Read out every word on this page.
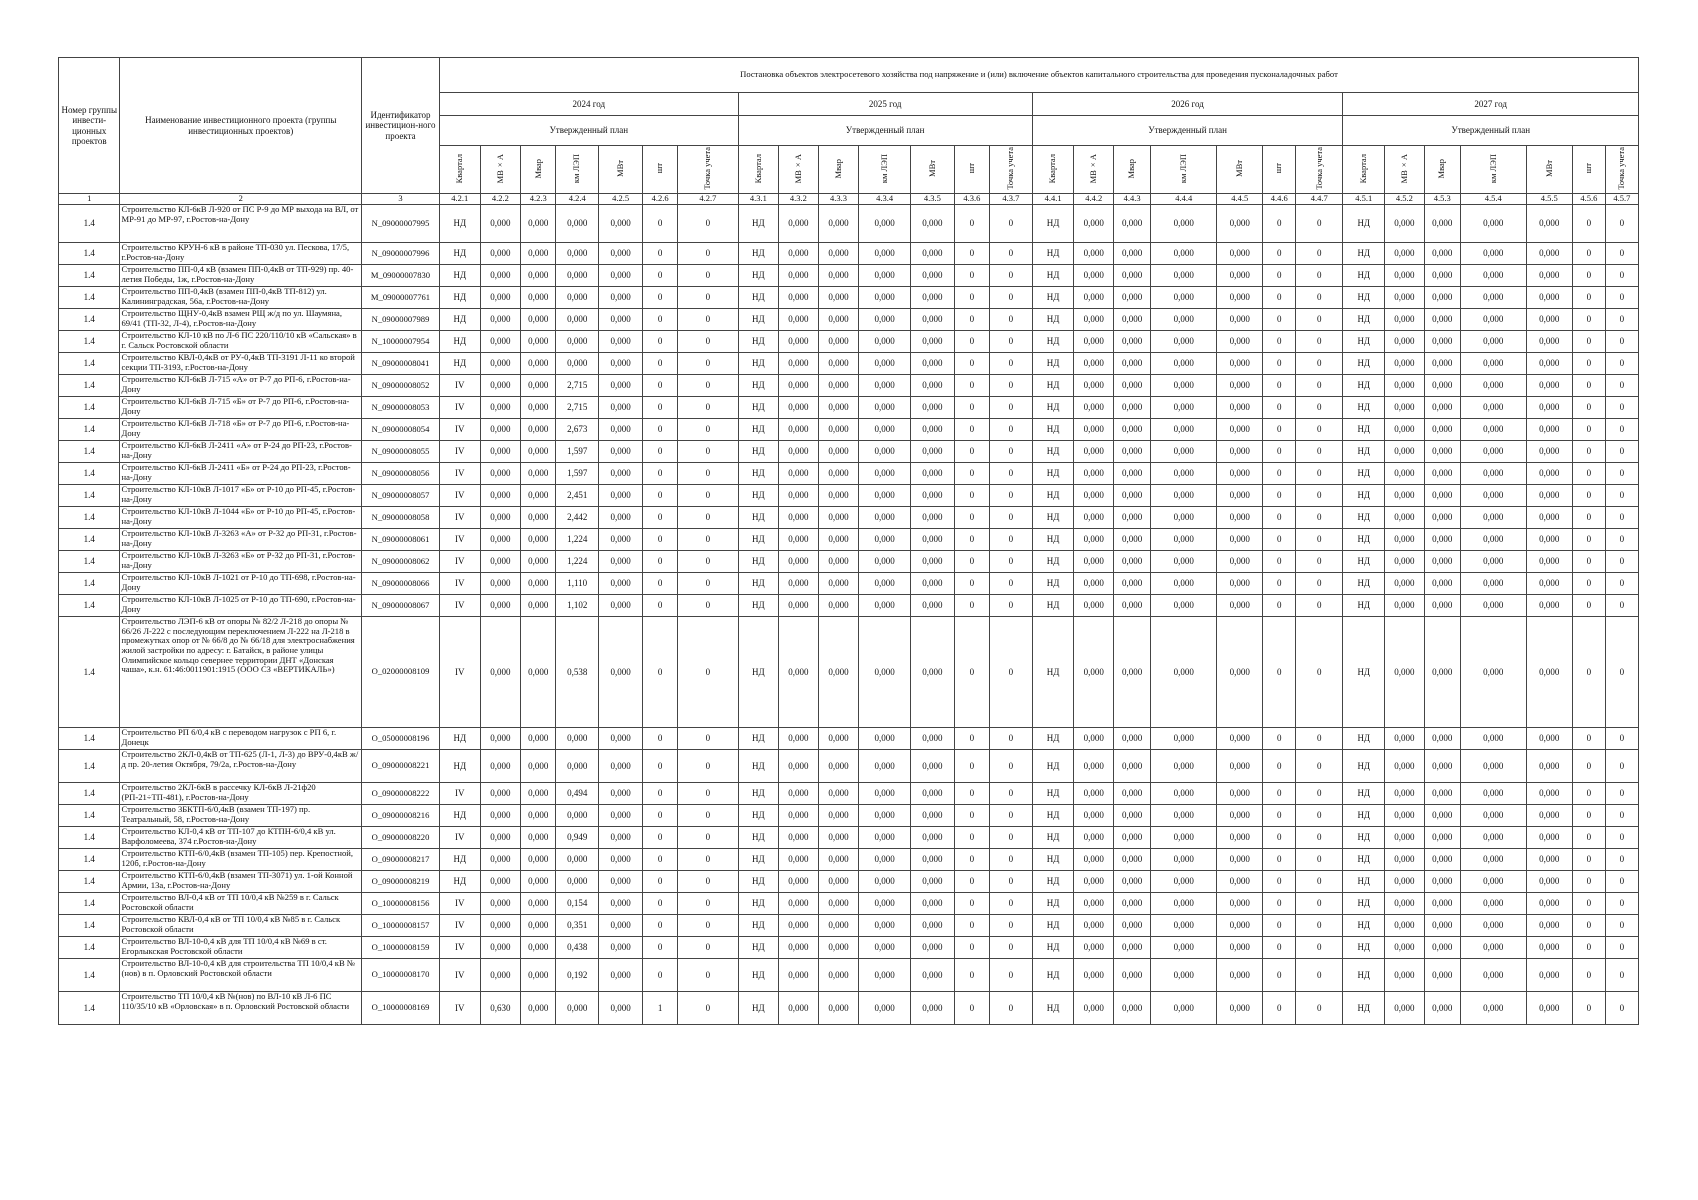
Номер группы инвести-ционных проектов	Наименование инвестиционного проекта (группы инвестиционных проектов)	Идентификатор инвестицион-ного проекта	Постановка объектов электросетевого хозяйства под напряжение и (или) включение объектов капитального строительства для проведения пусконаладочных работ																											
			2024 год							2025 год							2026 год							2027 год						
			Утвержденный план							Утвержденный план							Утвержденный план							Утвержденный план						
			Квартал	МВ×А	Мвар	км ЛЭП	МВт	шт	Точка учета	Квартал	МВ×А	Мвар	км ЛЭП	МВт	шт	Точка учета	Квартал	МВ×А	Мвар	км ЛЭП	МВт	шт	Точка учета	Квартал	МВ×А	Мвар	км ЛЭП	МВт	шт	Точка учета
1	2	3	4.2.1	4.2.2	4.2.3	4.2.4	4.2.5	4.2.6	4.2.7	4.3.1	4.3.2	4.3.3	4.3.4	4.3.5	4.3.6	4.3.7	4.4.1	4.4.2	4.4.3	4.4.4	4.4.5	4.4.6	4.4.7	4.5.1	4.5.2	4.5.3	4.5.4	4.5.5	4.5.6	4.5.7
1.4	Строительство КЛ-6кВ Л-920 от ПС Р-9 до МР выхода на ВЛ, от МР-91 до МР-97, г.Ростов-на-Дону	N_09000007995	НД	0,000	0,000	0,000	0,000	0	0	НД	0,000	0,000	0,000	0,000	0	0	НД	0,000	0,000	0,000	0,000	0	0	НД	0,000	0,000	0,000	0,000	0	0
1.4	Строительство КРУН-6 кВ в районе ТП-030 ул. Пескова, 17/5, г.Ростов-на-Дону	N_09000007996	НД	0,000	0,000	0,000	0,000	0	0	НД	0,000	0,000	0,000	0,000	0	0	НД	0,000	0,000	0,000	0,000	0	0	НД	0,000	0,000	0,000	0,000	0	0
1.4	Строительство ПП-0,4 кВ (взамен ПП-0,4кВ от ТП-929) пр. 40-летия Победы, 1ж, г.Ростов-на-Дону	M_09000007830	НД	0,000	0,000	0,000	0,000	0	0	НД	0,000	0,000	0,000	0,000	0	0	НД	0,000	0,000	0,000	0,000	0	0	НД	0,000	0,000	0,000	0,000	0	0
1.4	Строительство ПП-0,4кВ (взамен ПП-0,4кВ ТП-812) ул. Калининградская, 56а, г.Ростов-на-Дону	M_09000007761	НД	0,000	0,000	0,000	0,000	0	0	НД	0,000	0,000	0,000	0,000	0	0	НД	0,000	0,000	0,000	0,000	0	0	НД	0,000	0,000	0,000	0,000	0	0
1.4	Строительство ЩНУ-0,4кВ взамен РЩ ж/д по ул. Шаумяна, 69/41 (ТП-32, Л-4), г.Ростов-на-Дону	N_09000007989	НД	0,000	0,000	0,000	0,000	0	0	НД	0,000	0,000	0,000	0,000	0	0	НД	0,000	0,000	0,000	0,000	0	0	НД	0,000	0,000	0,000	0,000	0	0
1.4	Строительство КЛ-10 кВ по Л-6 ПС 220/110/10 кВ «Сальская» в г. Сальск Ростовской области	N_10000007954	НД	0,000	0,000	0,000	0,000	0	0	НД	0,000	0,000	0,000	0,000	0	0	НД	0,000	0,000	0,000	0,000	0	0	НД	0,000	0,000	0,000	0,000	0	0
1.4	Строительство КВЛ-0,4кВ от РУ-0,4кВ ТП-3191 Л-11 ко второй секции ТП-3193, г.Ростов-на-Дону	N_09000008041	НД	0,000	0,000	0,000	0,000	0	0	НД	0,000	0,000	0,000	0,000	0	0	НД	0,000	0,000	0,000	0,000	0	0	НД	0,000	0,000	0,000	0,000	0	0
1.4	Строительство КЛ-6кВ Л-715 «А» от Р-7 до РП-6, г.Ростов-на-Дону	N_09000008052	IV	0,000	0,000	2,715	0,000	0	0	НД	0,000	0,000	0,000	0,000	0	0	НД	0,000	0,000	0,000	0,000	0	0	НД	0,000	0,000	0,000	0,000	0	0
1.4	Строительство КЛ-6кВ Л-715 «Б» от Р-7 до РП-6, г.Ростов-на-Дону	N_09000008053	IV	0,000	0,000	2,715	0,000	0	0	НД	0,000	0,000	0,000	0,000	0	0	НД	0,000	0,000	0,000	0,000	0	0	НД	0,000	0,000	0,000	0,000	0	0
1.4	Строительство КЛ-6кВ Л-718 «Б» от Р-7 до РП-6, г.Ростов-на-Дону	N_09000008054	IV	0,000	0,000	2,673	0,000	0	0	НД	0,000	0,000	0,000	0,000	0	0	НД	0,000	0,000	0,000	0,000	0	0	НД	0,000	0,000	0,000	0,000	0	0
1.4	Строительство КЛ-6кВ Л-2411 «А» от Р-24 до РП-23, г.Ростов-на-Дону	N_09000008055	IV	0,000	0,000	1,597	0,000	0	0	НД	0,000	0,000	0,000	0,000	0	0	НД	0,000	0,000	0,000	0,000	0	0	НД	0,000	0,000	0,000	0,000	0	0
1.4	Строительство КЛ-6кВ Л-2411 «Б» от Р-24 до РП-23, г.Ростов-на-Дону	N_09000008056	IV	0,000	0,000	1,597	0,000	0	0	НД	0,000	0,000	0,000	0,000	0	0	НД	0,000	0,000	0,000	0,000	0	0	НД	0,000	0,000	0,000	0,000	0	0
1.4	Строительство КЛ-10кВ Л-1017 «Б» от Р-10 до РП-45, г.Ростов-на-Дону	N_09000008057	IV	0,000	0,000	2,451	0,000	0	0	НД	0,000	0,000	0,000	0,000	0	0	НД	0,000	0,000	0,000	0,000	0	0	НД	0,000	0,000	0,000	0,000	0	0
1.4	Строительство КЛ-10кВ Л-1044 «Б» от Р-10 до РП-45, г.Ростов-на-Дону	N_09000008058	IV	0,000	0,000	2,442	0,000	0	0	НД	0,000	0,000	0,000	0,000	0	0	НД	0,000	0,000	0,000	0,000	0	0	НД	0,000	0,000	0,000	0,000	0	0
1.4	Строительство КЛ-10кВ Л-3263 «А» от Р-32 до РП-31, г.Ростов-на-Дону	N_09000008061	IV	0,000	0,000	1,224	0,000	0	0	НД	0,000	0,000	0,000	0,000	0	0	НД	0,000	0,000	0,000	0,000	0	0	НД	0,000	0,000	0,000	0,000	0	0
1.4	Строительство КЛ-10кВ Л-3263 «Б» от Р-32 до РП-31, г.Ростов-на-Дону	N_09000008062	IV	0,000	0,000	1,224	0,000	0	0	НД	0,000	0,000	0,000	0,000	0	0	НД	0,000	0,000	0,000	0,000	0	0	НД	0,000	0,000	0,000	0,000	0	0
1.4	Строительство КЛ-10кВ Л-1021 от Р-10 до ТП-698, г.Ростов-на-Дону	N_09000008066	IV	0,000	0,000	1,110	0,000	0	0	НД	0,000	0,000	0,000	0,000	0	0	НД	0,000	0,000	0,000	0,000	0	0	НД	0,000	0,000	0,000	0,000	0	0
1.4	Строительство КЛ-10кВ Л-1025 от Р-10 до ТП-690, г.Ростов-на-Дону	N_09000008067	IV	0,000	0,000	1,102	0,000	0	0	НД	0,000	0,000	0,000	0,000	0	0	НД	0,000	0,000	0,000	0,000	0	0	НД	0,000	0,000	0,000	0,000	0	0
1.4	Строительство ЛЭП-6 кВ от опоры № 82/2 Л-218 до опоры № 66/26 Л-222 с последующим переключением Л-222 на Л-218 в промежутках опор от № 66/8 до № 66/18 для электроснабжения жилой застройки по адресу: г. Батайск, в районе улицы Олимпийское кольцо севернее территории ДНТ «Донская чаша», к.н. 61:46:0011901:1915 (ООО СЗ «ВЕРТИКАЛЬ»)	O_02000008109	IV	0,000	0,000	0,538	0,000	0	0	НД	0,000	0,000	0,000	0,000	0	0	НД	0,000	0,000	0,000	0,000	0	0	НД	0,000	0,000	0,000	0,000	0	0
1.4	Строительство РП 6/0,4 кВ с переводом нагрузок с РП 6, г. Донецк	O_05000008196	НД	0,000	0,000	0,000	0,000	0	0	НД	0,000	0,000	0,000	0,000	0	0	НД	0,000	0,000	0,000	0,000	0	0	НД	0,000	0,000	0,000	0,000	0	0
1.4	Строительство 2КЛ-0,4кВ от ТП-625 (Л-1, Л-3) до ВРУ-0,4кВ ж/д пр. 20-летия Октября, 79/2а, г.Ростов-на-Дону	O_09000008221	НД	0,000	0,000	0,000	0,000	0	0	НД	0,000	0,000	0,000	0,000	0	0	НД	0,000	0,000	0,000	0,000	0	0	НД	0,000	0,000	0,000	0,000	0	0
1.4	Строительство 2КЛ-6кВ в рассечку КЛ-6кВ Л-21ф20 (РП-21÷ТП-481), г.Ростов-на-Дону	O_09000008222	IV	0,000	0,000	0,494	0,000	0	0	НД	0,000	0,000	0,000	0,000	0	0	НД	0,000	0,000	0,000	0,000	0	0	НД	0,000	0,000	0,000	0,000	0	0
1.4	Строительство 3БКТП-6/0,4кВ (взамен ТП-197) пр. Театральный, 58, г.Ростов-на-Дону	O_09000008216	НД	0,000	0,000	0,000	0,000	0	0	НД	0,000	0,000	0,000	0,000	0	0	НД	0,000	0,000	0,000	0,000	0	0	НД	0,000	0,000	0,000	0,000	0	0
1.4	Строительство КЛ-0,4 кВ от ТП-107 до КТПН-6/0,4 кВ ул. Варфоломеева, 374 г.Ростов-на-Дону	O_09000008220	IV	0,000	0,000	0,949	0,000	0	0	НД	0,000	0,000	0,000	0,000	0	0	НД	0,000	0,000	0,000	0,000	0	0	НД	0,000	0,000	0,000	0,000	0	0
1.4	Строительство КТП-6/0,4кВ (взамен ТП-105) пер. Крепостной, 120б, г.Ростов-на-Дону	O_09000008217	НД	0,000	0,000	0,000	0,000	0	0	НД	0,000	0,000	0,000	0,000	0	0	НД	0,000	0,000	0,000	0,000	0	0	НД	0,000	0,000	0,000	0,000	0	0
1.4	Строительство КТП-6/0,4кВ (взамен ТП-3071) ул. 1-ой Конной Армии, 13а, г.Ростов-на-Дону	O_09000008219	НД	0,000	0,000	0,000	0,000	0	0	НД	0,000	0,000	0,000	0,000	0	0	НД	0,000	0,000	0,000	0,000	0	0	НД	0,000	0,000	0,000	0,000	0	0
1.4	Строительство ВЛ-0,4 кВ от ТП 10/0,4 кВ №259 в г. Сальск Ростовской области	O_10000008156	IV	0,000	0,000	0,154	0,000	0	0	НД	0,000	0,000	0,000	0,000	0	0	НД	0,000	0,000	0,000	0,000	0	0	НД	0,000	0,000	0,000	0,000	0	0
1.4	Строительство КВЛ-0,4 кВ от ТП 10/0,4 кВ №85 в г. Сальск Ростовской области	O_10000008157	IV	0,000	0,000	0,351	0,000	0	0	НД	0,000	0,000	0,000	0,000	0	0	НД	0,000	0,000	0,000	0,000	0	0	НД	0,000	0,000	0,000	0,000	0	0
1.4	Строительство ВЛ-10-0,4 кВ для ТП 10/0,4 кВ №69 в ст. Егорлыкская Ростовской области	O_10000008159	IV	0,000	0,000	0,438	0,000	0	0	НД	0,000	0,000	0,000	0,000	0	0	НД	0,000	0,000	0,000	0,000	0	0	НД	0,000	0,000	0,000	0,000	0	0
1.4	Строительство ВЛ-10-0,4 кВ для строительства ТП 10/0,4 кВ №(нов) в п. Орловский Ростовской области	O_10000008170	IV	0,000	0,000	0,192	0,000	0	0	НД	0,000	0,000	0,000	0,000	0	0	НД	0,000	0,000	0,000	0,000	0	0	НД	0,000	0,000	0,000	0,000	0	0
1.4	Строительство ТП 10/0,4 кВ №(нов) по ВЛ-10 кВ Л-6 ПС 110/35/10 кВ «Орловская» в п. Орловский Ростовской области	O_10000008169	IV	0,630	0,000	0,000	0,000	1	0	НД	0,000	0,000	0,000	0,000	0	0	НД	0,000	0,000	0,000	0,000	0	0	НД	0,000	0,000	0,000	0,000	0	0
